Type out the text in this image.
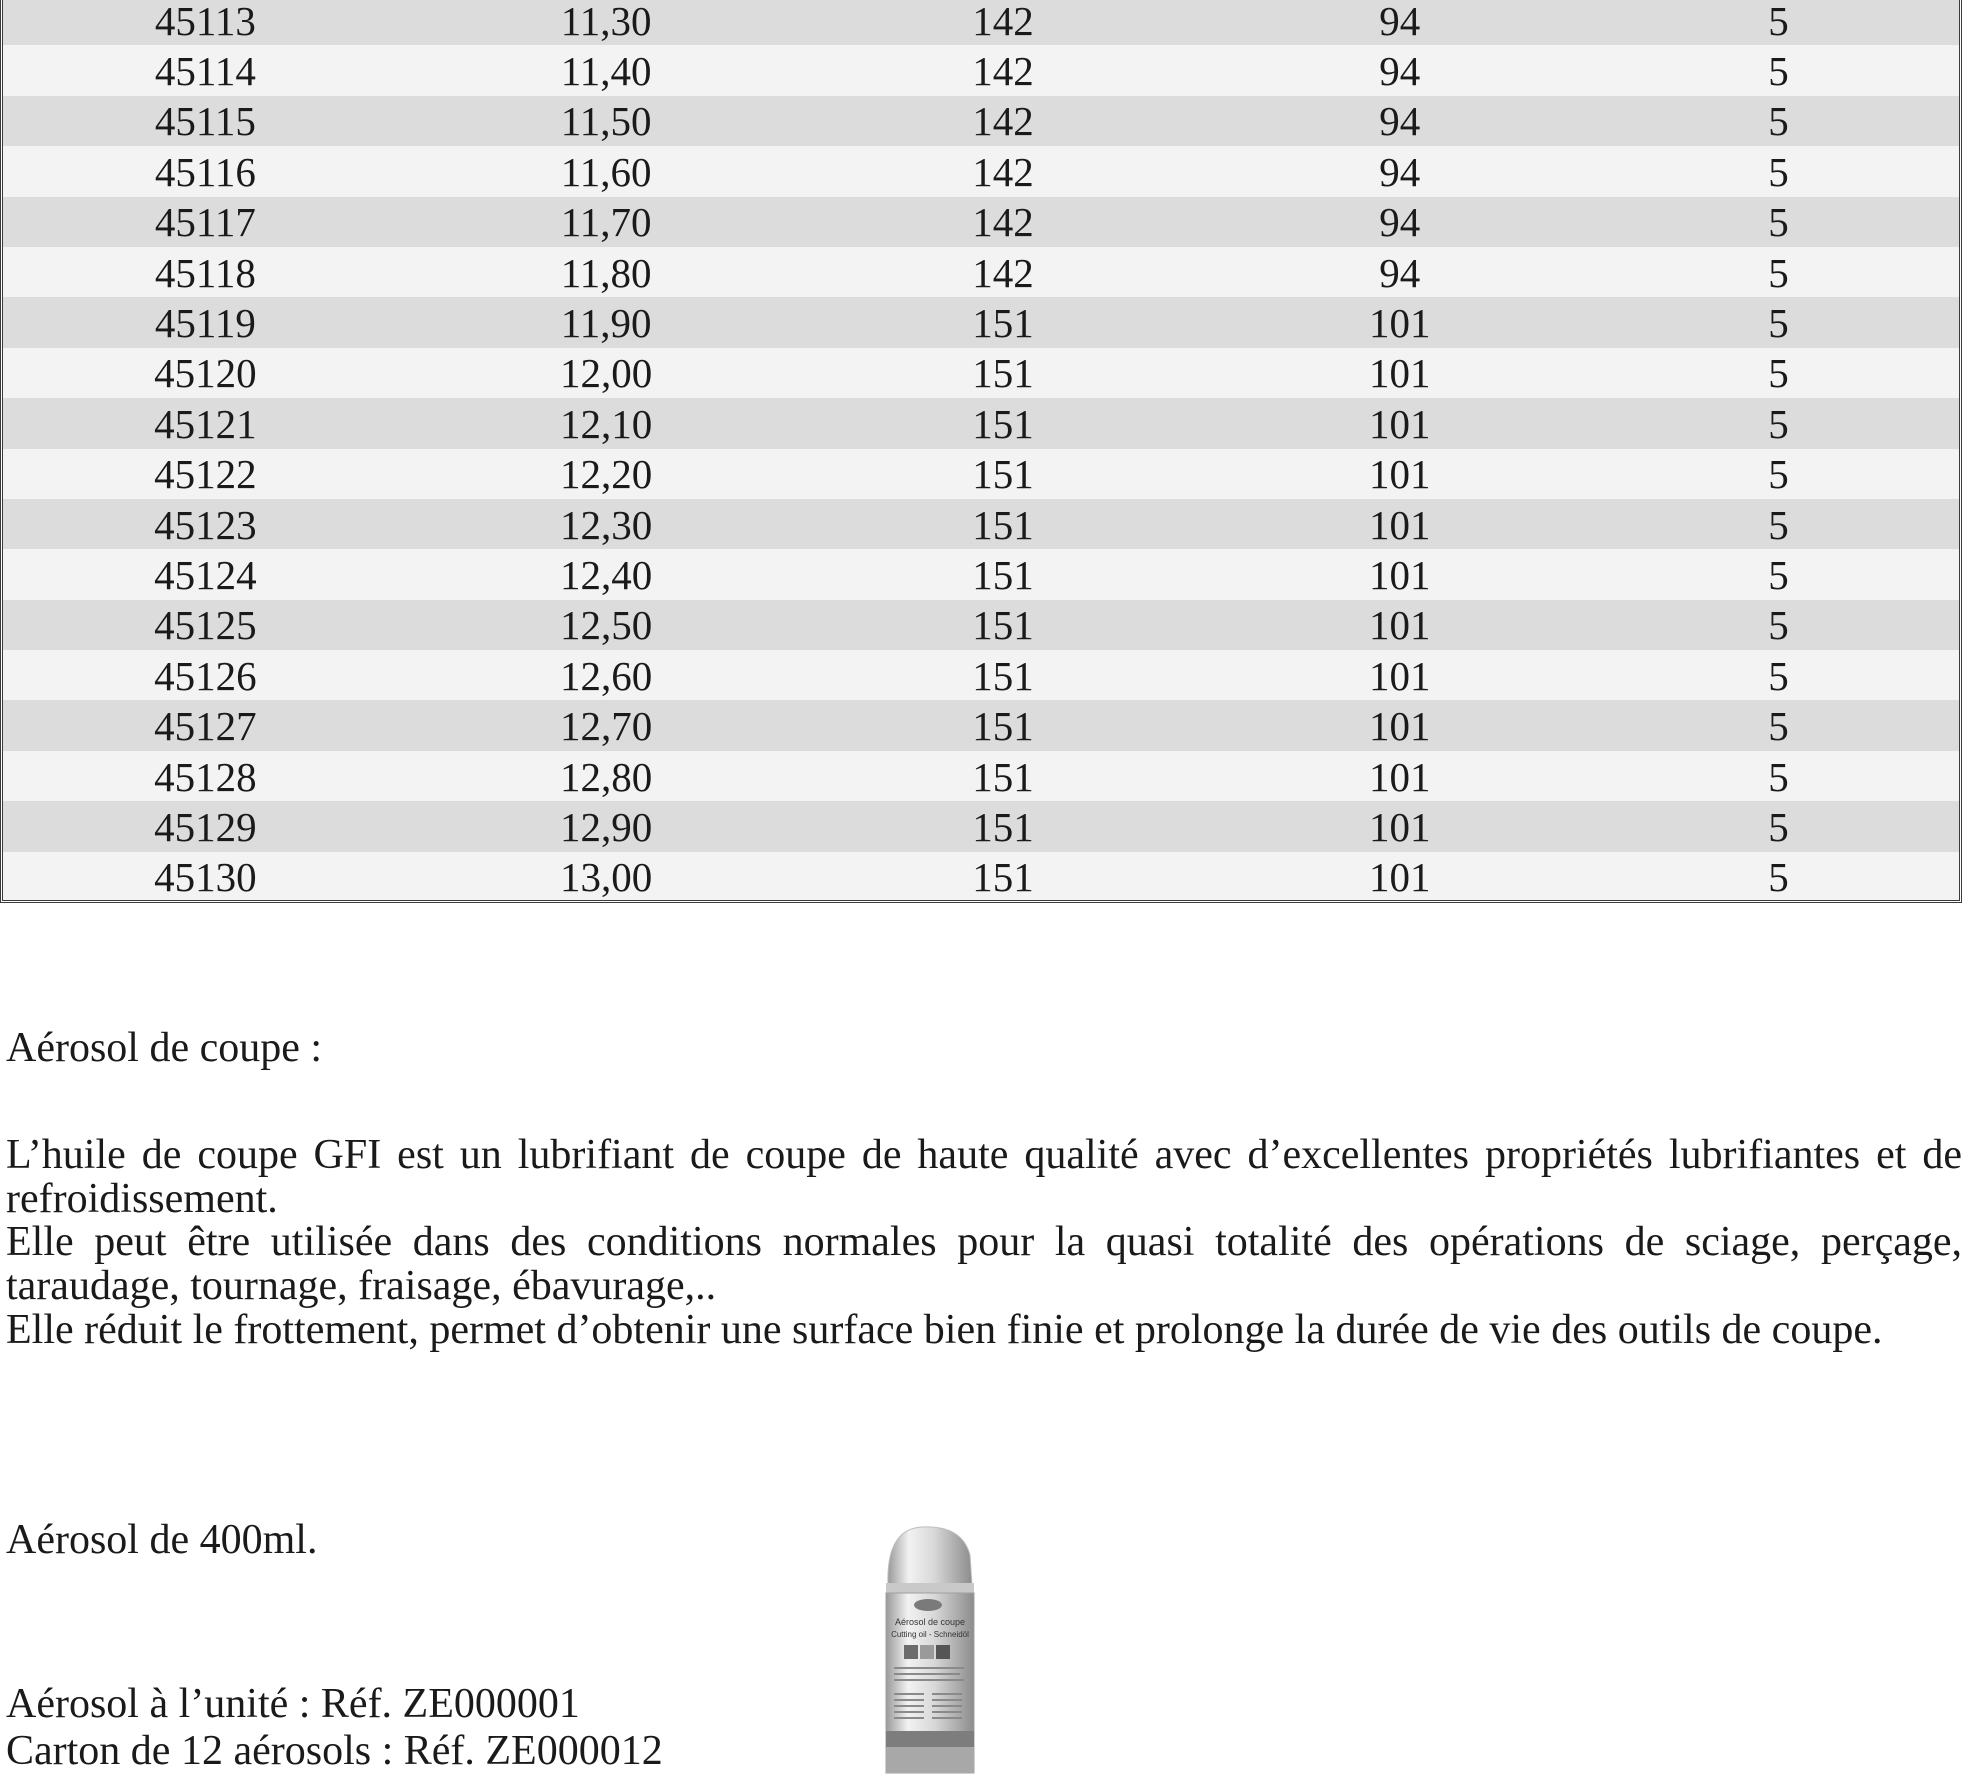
45113	11,30	142	94	5
45114	11,40	142	94	5
45115	11,50	142	94	5
45116	11,60	142	94	5
45117	11,70	142	94	5
45118	11,80	142	94	5
45119	11,90	151	101	5
45120	12,00	151	101	5
45121	12,10	151	101	5
45122	12,20	151	101	5
45123	12,30	151	101	5
45124	12,40	151	101	5
45125	12,50	151	101	5
45126	12,60	151	101	5
45127	12,70	151	101	5
45128	12,80	151	101	5
45129	12,90	151	101	5
45130	13,00	151	101	5
Aérosol de coupe :

L’huile de coupe GFI est un lubrifiant de coupe de haute qualité avec d’excellentes propriétés lubrifiantes et de refroidissement.

Elle peut être utilisée dans des conditions normales pour la quasi totalité des opérations de sciage, perçage, taraudage, tournage, fraisage, ébavurage,..

Elle réduit le frottement, permet d’obtenir une surface bien finie et prolonge la durée de vie des outils de coupe.

Aérosol de 400ml.
Aérosol à l’unité : Réf. ZE000001
Carton de 12 aérosols : Réf. ZE000012
Aérosol de coupe
Cutting oil - Schneidöl
